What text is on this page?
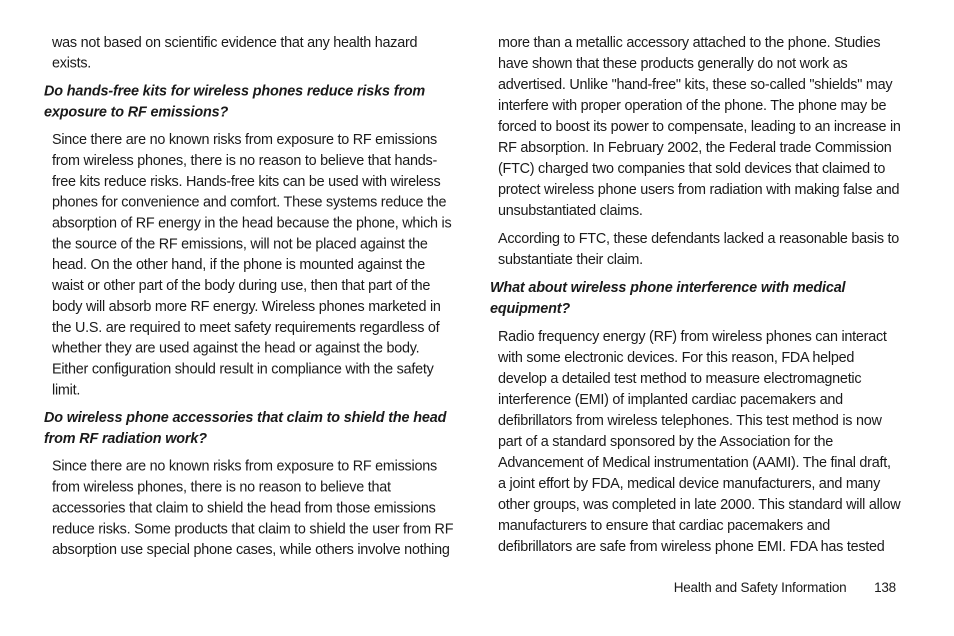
was not based on scientific evidence that any health hazard exists.

Do hands-free kits for wireless phones reduce risks from exposure to RF emissions?

Since there are no known risks from exposure to RF emissions from wireless phones, there is no reason to believe that hands-free kits reduce risks. Hands-free kits can be used with wireless phones for convenience and comfort. These systems reduce the absorption of RF energy in the head because the phone, which is the source of the RF emissions, will not be placed against the head. On the other hand, if the phone is mounted against the waist or other part of the body during use, then that part of the body will absorb more RF energy. Wireless phones marketed in the U.S. are required to meet safety requirements regardless of whether they are used against the head or against the body. Either configuration should result in compliance with the safety limit.

Do wireless phone accessories that claim to shield the head from RF radiation work?

Since there are no known risks from exposure to RF emissions from wireless phones, there is no reason to believe that accessories that claim to shield the head from those emissions reduce risks. Some products that claim to shield the user from RF absorption use special phone cases, while others involve nothing

more than a metallic accessory attached to the phone. Studies have shown that these products generally do not work as advertised. Unlike "hand-free" kits, these so-called "shields" may interfere with proper operation of the phone. The phone may be forced to boost its power to compensate, leading to an increase in RF absorption. In February 2002, the Federal trade Commission (FTC) charged two companies that sold devices that claimed to protect wireless phone users from radiation with making false and unsubstantiated claims.

According to FTC, these defendants lacked a reasonable basis to substantiate their claim.

What about wireless phone interference with medical equipment?

Radio frequency energy (RF) from wireless phones can interact with some electronic devices. For this reason, FDA helped develop a detailed test method to measure electromagnetic interference (EMI) of implanted cardiac pacemakers and defibrillators from wireless telephones. This test method is now part of a standard sponsored by the Association for the Advancement of Medical instrumentation (AAMI). The final draft, a joint effort by FDA, medical device manufacturers, and many other groups, was completed in late 2000. This standard will allow manufacturers to ensure that cardiac pacemakers and defibrillators are safe from wireless phone EMI. FDA has tested

Health and Safety Information 138
